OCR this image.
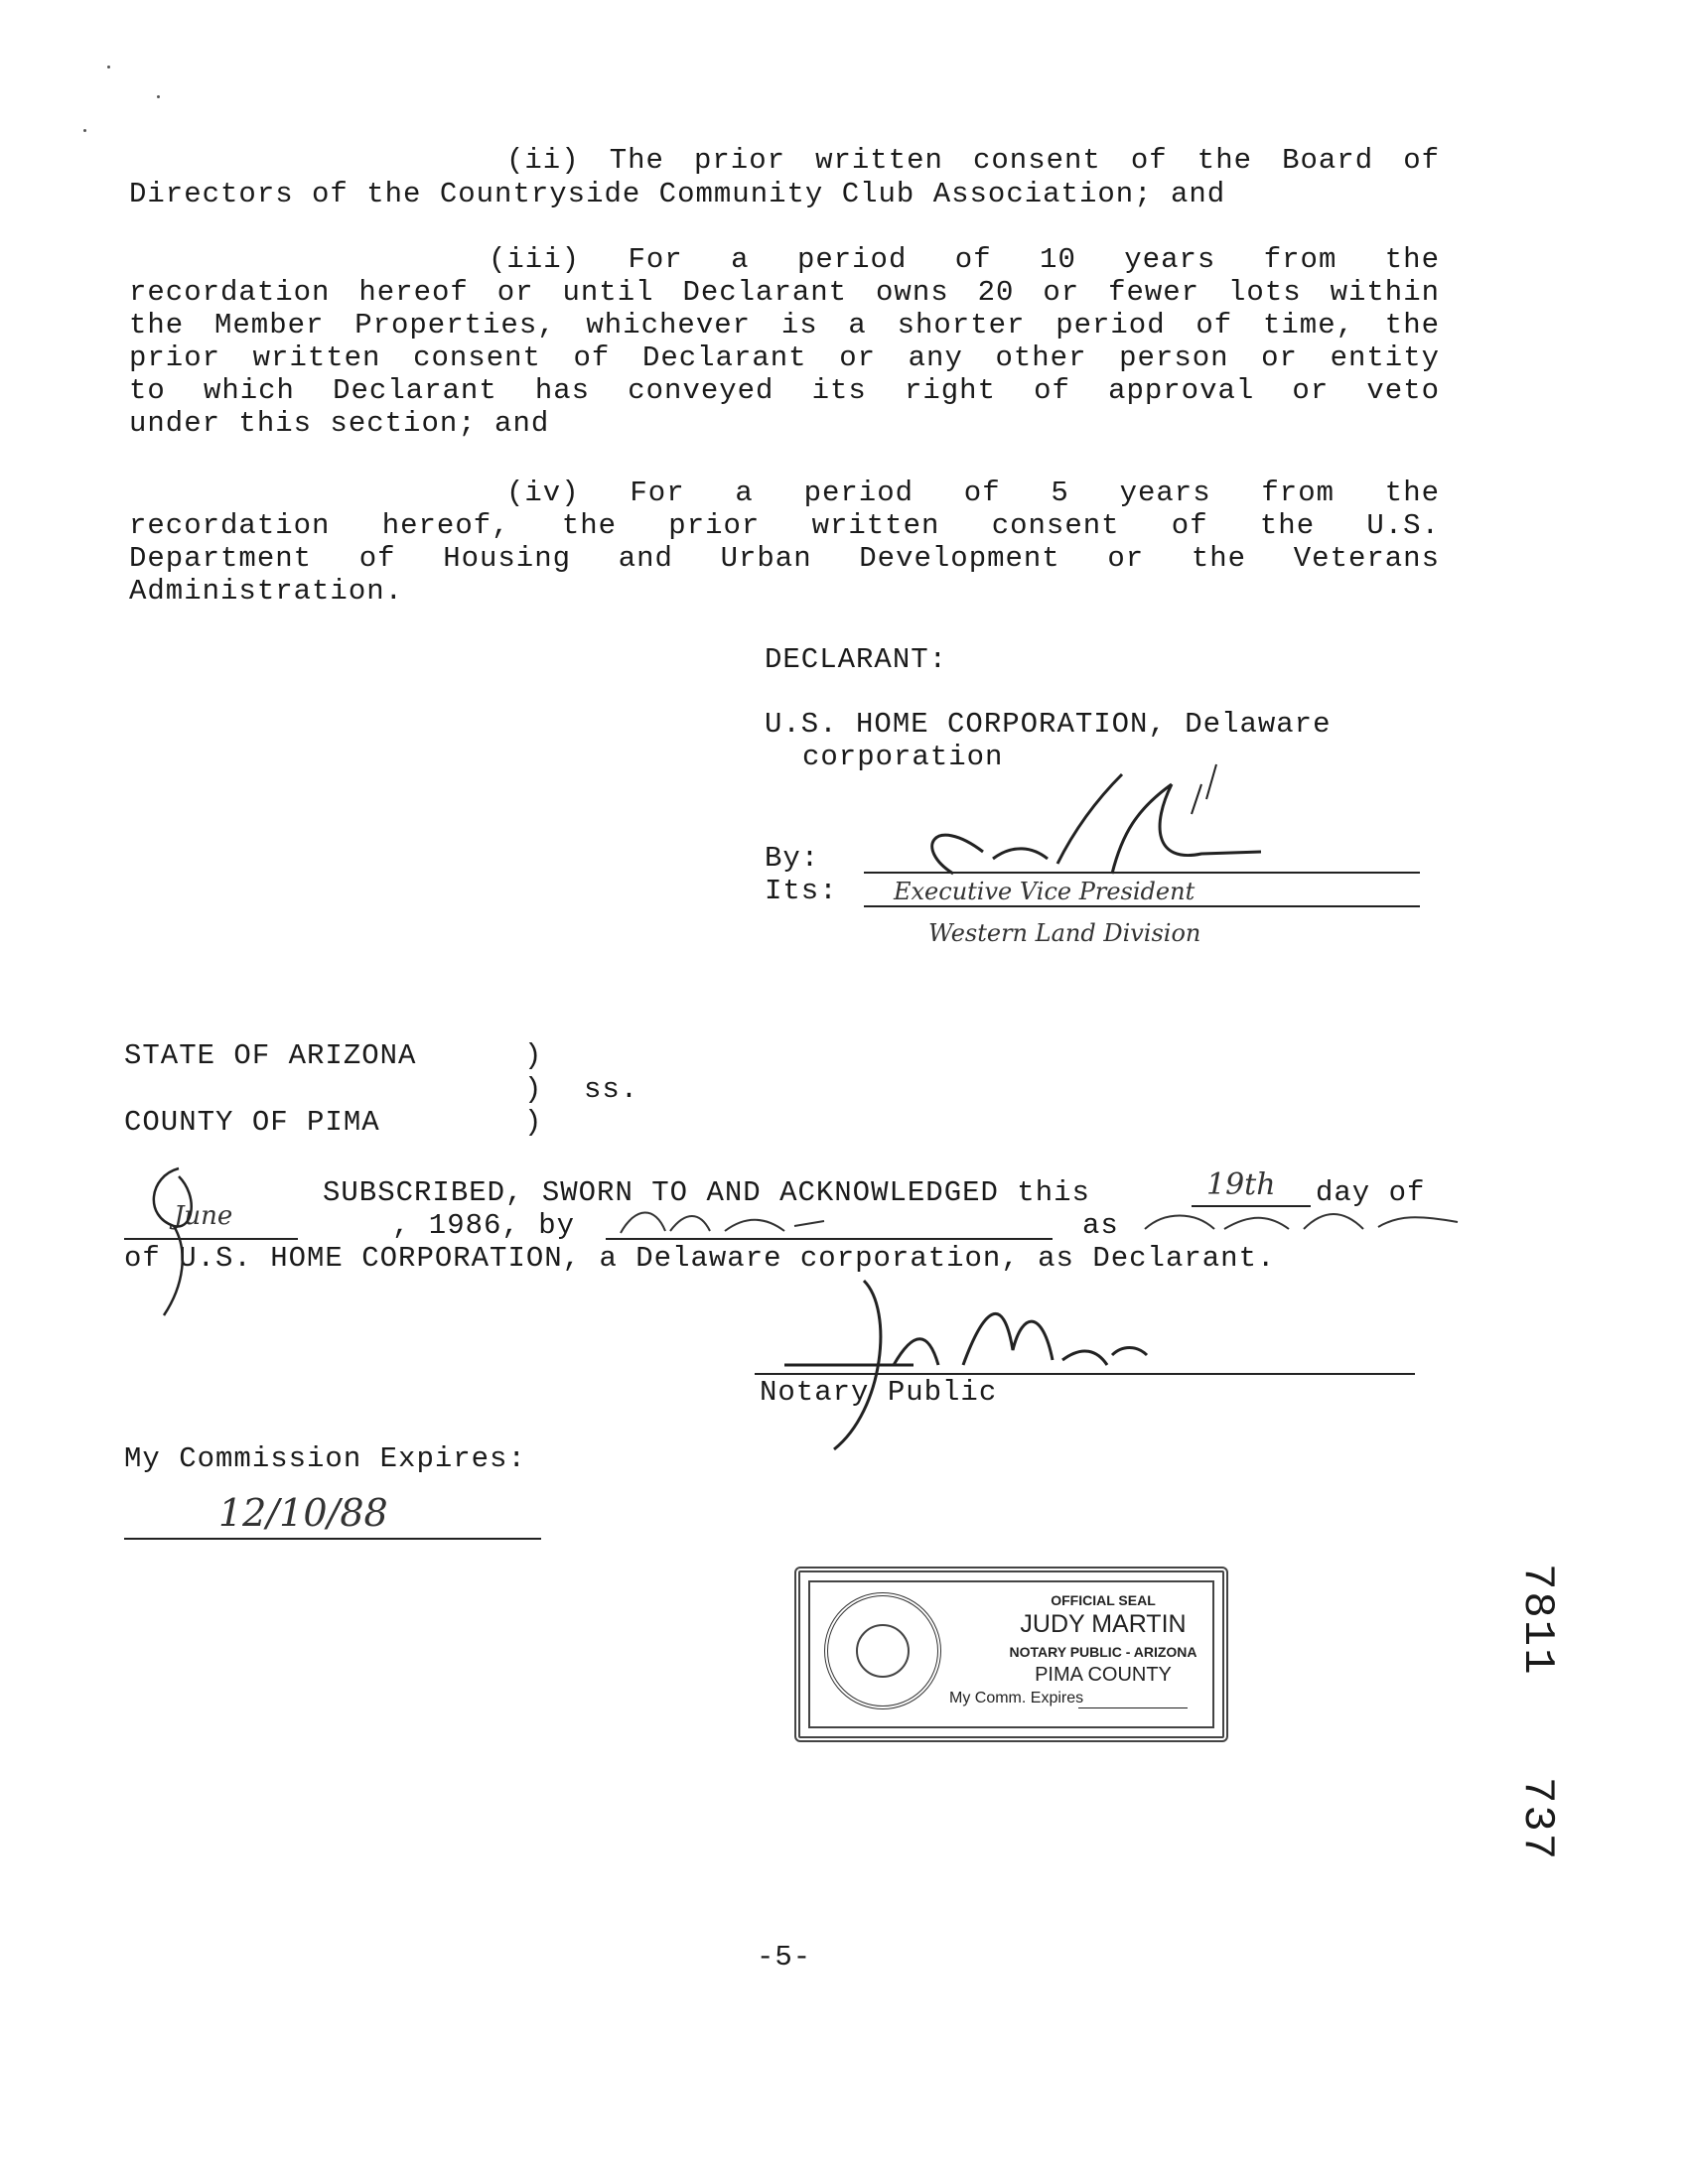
(ii) The prior written consent of the Board of
Directors of the Countryside Community Club Association; and
(iii) For a period of 10 years from the
recordation hereof or until Declarant owns 20 or fewer lots within
the Member Properties, whichever is a shorter period of time, the
prior written consent of Declarant or any other person or entity
to which Declarant has conveyed its right of approval or veto
under this section; and
(iv) For a period of 5 years from the
recordation hereof, the prior written consent of the U.S.
Department of Housing and Urban Development or the Veterans
Administration.
DECLARANT:
U.S. HOME CORPORATION, Delaware
corporation
By:
Its: Executive Vice President
Western Land Division
STATE OF ARIZONA	)
) ss.
COUNTY OF PIMA	)
SUBSCRIBED, SWORN TO AND ACKNOWLEDGED this	19th day of
June	, 1986, by	as
of U.S. HOME CORPORATION, a Delaware corporation, as Declarant.
Notary Public
My Commission Expires:
12/10/88
OFFICIAL SEAL
JUDY MARTIN
NOTARY PUBLIC - ARIZONA
PIMA COUNTY
My Comm. Expires
7811
737
-5-
